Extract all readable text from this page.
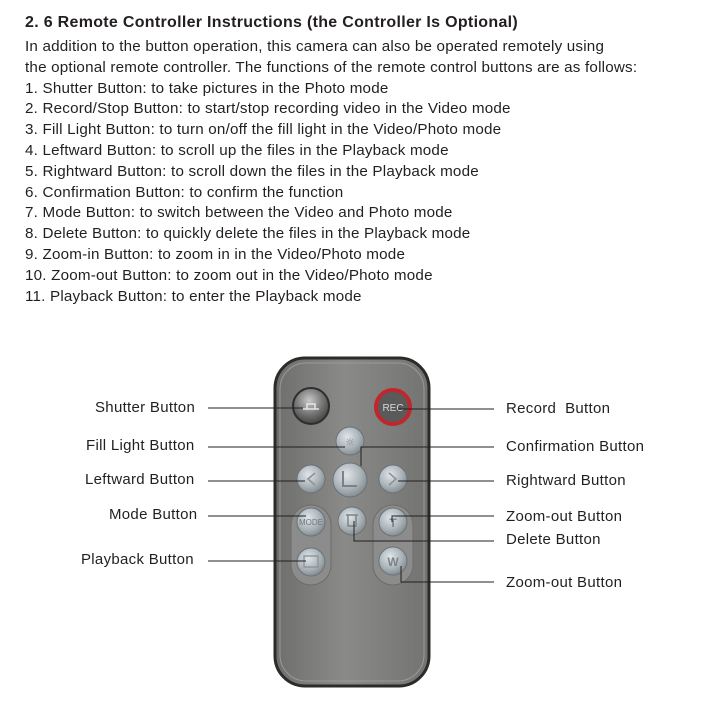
2. 6 Remote Controller Instructions (the Controller Is Optional)
In addition to the button operation, this camera can also be operated remotely using
the optional remote controller. The functions of the remote control buttons are as follows:
1. Shutter Button: to take pictures in the Photo mode
2. Record/Stop Button: to start/stop recording video in the Video mode
3. Fill Light Button: to turn on/off the fill light in the Video/Photo mode
4. Leftward Button: to scroll up the files in the Playback mode
5. Rightward Button: to scroll down the files in the Playback mode
6. Confirmation Button: to confirm the function
7. Mode Button: to switch between the Video and Photo mode
8. Delete Button: to quickly delete the files in the Playback mode
9. Zoom-in Button: to zoom in in the Video/Photo mode
10. Zoom-out Button: to zoom out in the Video/Photo mode
11. Playback Button: to enter the Playback mode
REC
☼
MODE	T
W
Shutter Button
Fill Light Button
Leftward Button
Mode Button
Playback Button
Record  Button
Confirmation Button
Rightward Button
Zoom-out Button
Delete Button
Zoom-out Button
